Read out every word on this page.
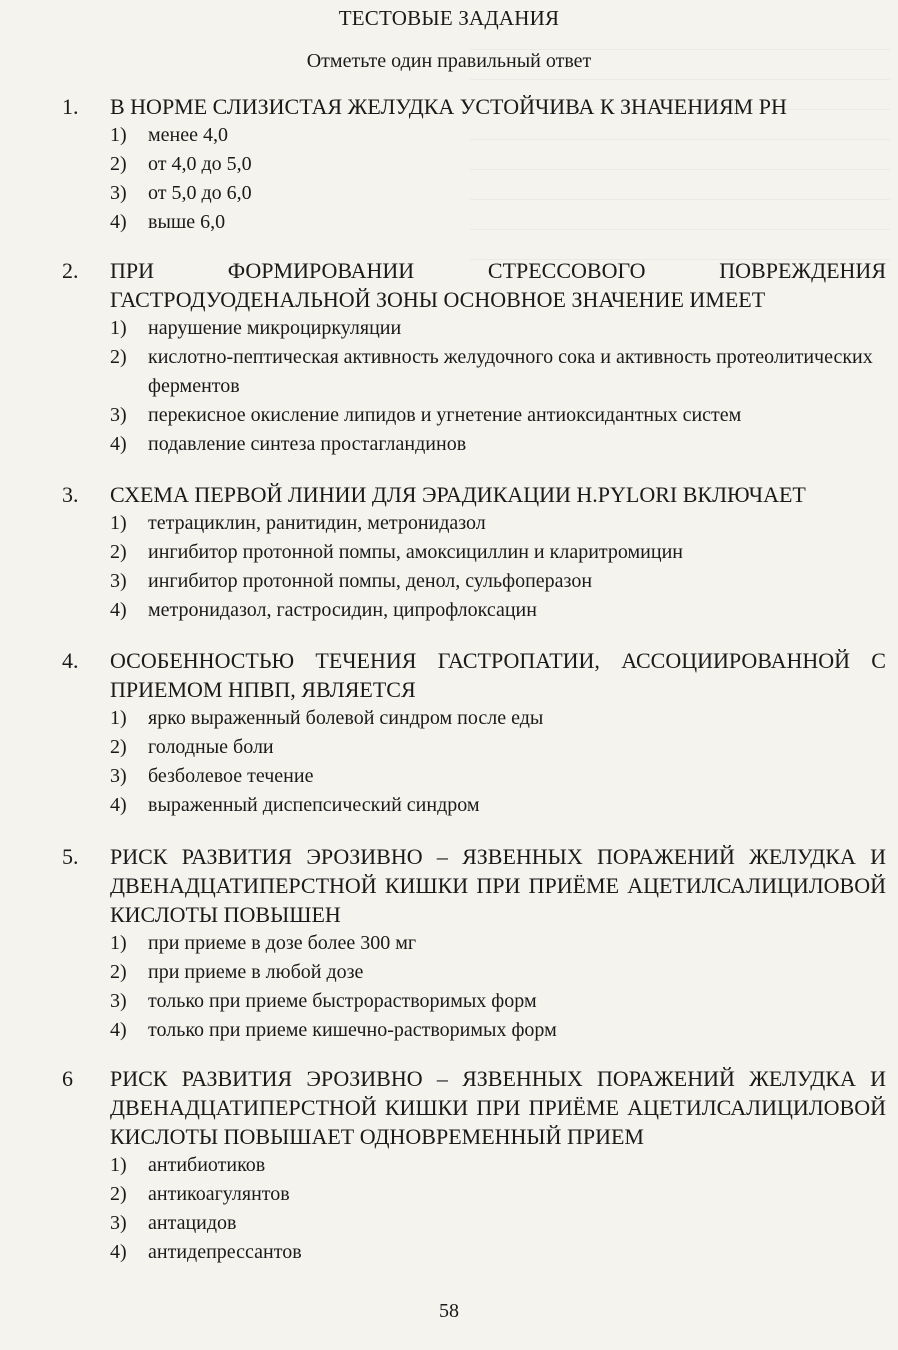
ТЕСТОВЫЕ ЗАДАНИЯ
Отметьте один правильный ответ
1.	В НОРМЕ СЛИЗИСТАЯ ЖЕЛУДКА УСТОЙЧИВА К ЗНАЧЕНИЯМ РН
1)	менее 4,0
2)	от 4,0 до 5,0
3)	от 5,0 до 6,0
4)	выше 6,0
2.	ПРИ ФОРМИРОВАНИИ СТРЕССОВОГО ПОВРЕЖДЕНИЯ ГАСТРОДУОДЕНАЛЬНОЙ ЗОНЫ ОСНОВНОЕ ЗНАЧЕНИЕ ИМЕЕТ
1)	нарушение микроциркуляции
2)	кислотно-пептическая активность желудочного сока и активность протеолитических ферментов
3)	перекисное окисление липидов и угнетение антиоксидантных систем
4)	подавление синтеза простагландинов
3.	СХЕМА ПЕРВОЙ ЛИНИИ ДЛЯ ЭРАДИКАЦИИ H.PYLORI ВКЛЮЧАЕТ
1)	тетрациклин, ранитидин, метронидазол
2)	ингибитор протонной помпы, амоксициллин и кларитромицин
3)	ингибитор протонной помпы, денол, сульфоперазон
4)	метронидазол, гастросидин, ципрофлоксацин
4.	ОСОБЕННОСТЬЮ ТЕЧЕНИЯ ГАСТРОПАТИИ, АССОЦИИРОВАННОЙ С ПРИЕМОМ НПВП, ЯВЛЯЕТСЯ
1)	ярко выраженный болевой синдром после еды
2)	голодные боли
3)	безболевое течение
4)	выраженный диспепсический синдром
5.	РИСК РАЗВИТИЯ ЭРОЗИВНО – ЯЗВЕННЫХ ПОРАЖЕНИЙ ЖЕЛУДКА И ДВЕНАДЦАТИПЕРСТНОЙ КИШКИ ПРИ ПРИЁМЕ АЦЕТИЛСАЛИЦИЛОВОЙ КИСЛОТЫ ПОВЫШЕН
1)	при приеме в дозе более 300 мг
2)	при приеме в любой дозе
3)	только при приеме быстрорастворимых форм
4)	только при приеме кишечно-растворимых форм
6	РИСК РАЗВИТИЯ ЭРОЗИВНО – ЯЗВЕННЫХ ПОРАЖЕНИЙ ЖЕЛУДКА И ДВЕНАДЦАТИПЕРСТНОЙ КИШКИ ПРИ ПРИЁМЕ АЦЕТИЛСАЛИЦИЛОВОЙ КИСЛОТЫ ПОВЫШАЕТ ОДНОВРЕМЕННЫЙ ПРИЕМ
1)	антибиотиков
2)	антикоагулянтов
3)	антацидов
4)	антидепрессантов
58
